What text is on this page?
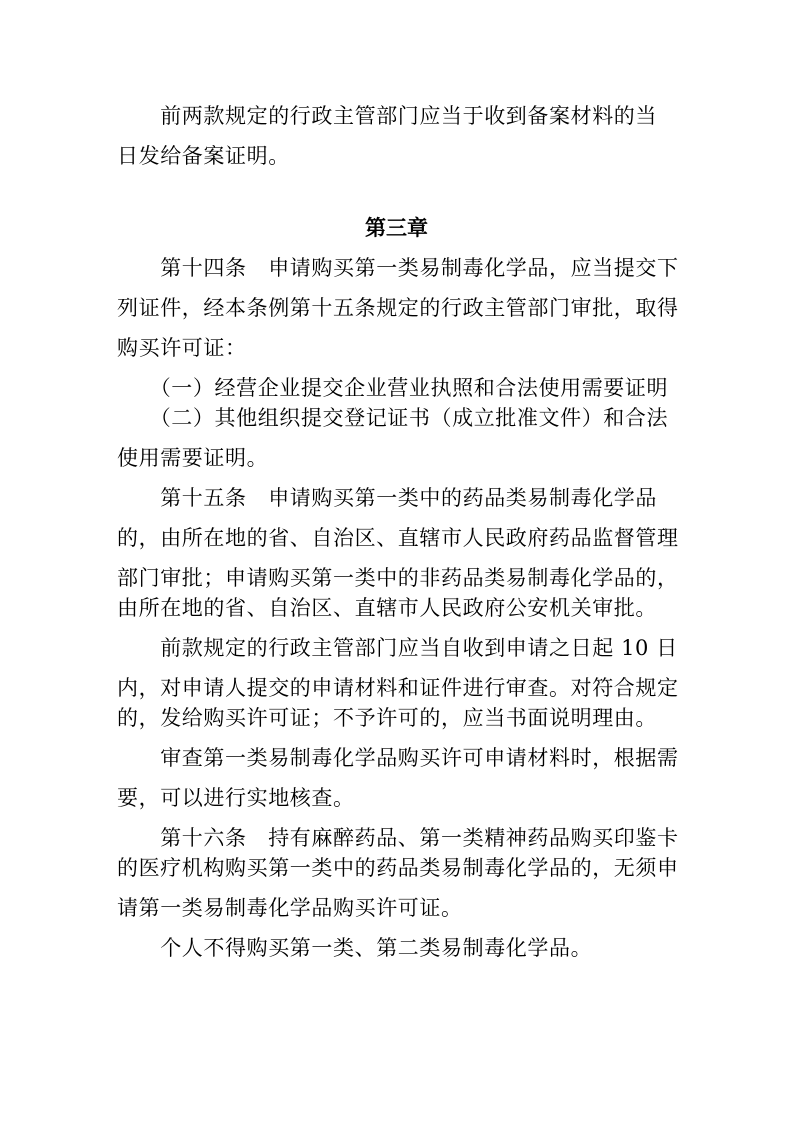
　　前两款规定的行政主管部门应当于收到备案材料的当
日发给备案证明。
第三章
　　第十四条　申请购买第一类易制毒化学品，应当提交下
列证件，经本条例第十五条规定的行政主管部门审批，取得
购买许可证：
　　（一）经营企业提交企业营业执照和合法使用需要证明
　　（二）其他组织提交登记证书（成立批准文件）和合法
使用需要证明。
　　第十五条　申请购买第一类中的药品类易制毒化学品
的，由所在地的省、自治区、直辖市人民政府药品监督管理
部门审批；申请购买第一类中的非药品类易制毒化学品的，
由所在地的省、自治区、直辖市人民政府公安机关审批。
　　前款规定的行政主管部门应当自收到申请之日起 10 日
内，对申请人提交的申请材料和证件进行审查。对符合规定
的，发给购买许可证；不予许可的，应当书面说明理由。
　　审查第一类易制毒化学品购买许可申请材料时，根据需
要，可以进行实地核查。
　　第十六条　持有麻醉药品、第一类精神药品购买印鉴卡
的医疗机构购买第一类中的药品类易制毒化学品的，无须申
请第一类易制毒化学品购买许可证。
　　个人不得购买第一类、第二类易制毒化学品。
